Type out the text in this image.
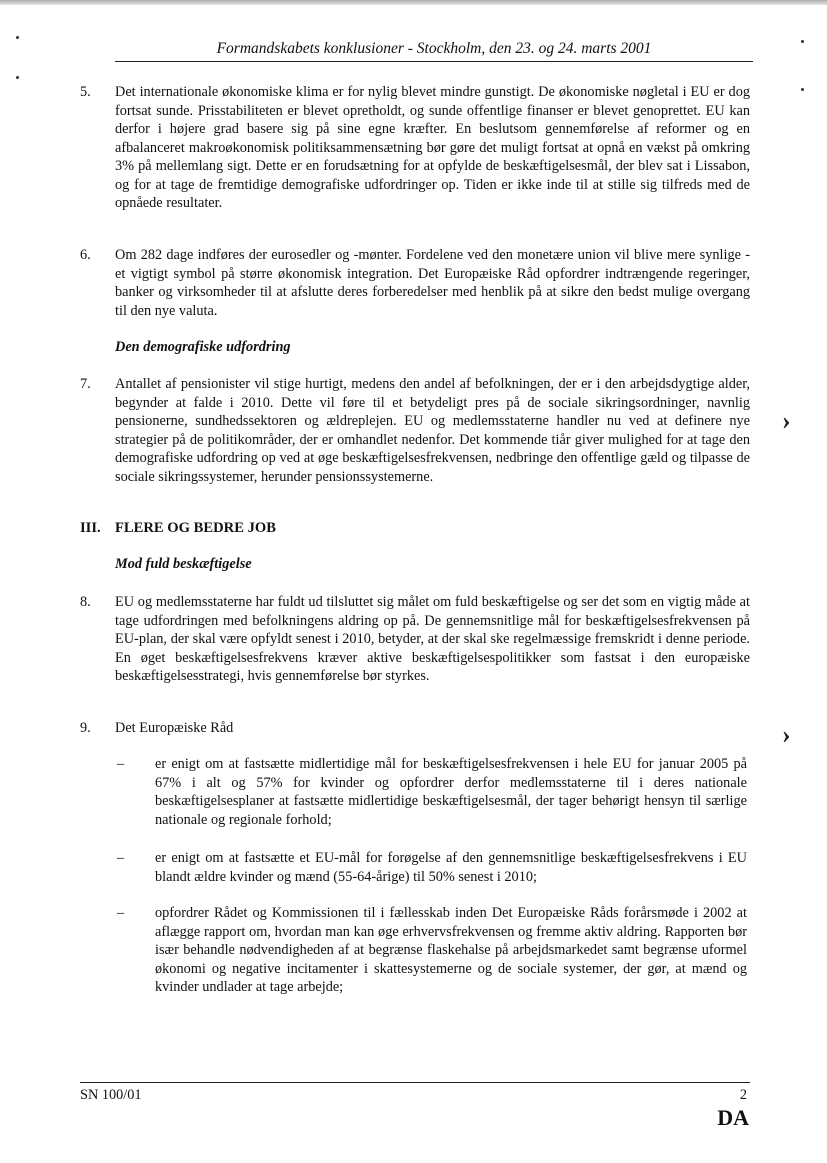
Formandskabets konklusioner - Stockholm, den 23. og 24. marts 2001
5. Det internationale økonomiske klima er for nylig blevet mindre gunstigt. De økonomiske nøgletal i EU er dog fortsat sunde. Prisstabiliteten er blevet opretholdt, og sunde offentlige finanser er blevet genoprettet. EU kan derfor i højere grad basere sig på sine egne kræfter. En beslutsom gennemførelse af reformer og en afbalanceret makroøkonomisk politiksammensætning bør gøre det muligt fortsat at opnå en vækst på omkring 3% på mellemlang sigt. Dette er en forudsætning for at opfylde de beskæftigelsesmål, der blev sat i Lissabon, og for at tage de fremtidige demografiske udfordringer op. Tiden er ikke inde til at stille sig tilfreds med de opnåede resultater.
6. Om 282 dage indføres der eurosedler og -mønter. Fordelene ved den monetære union vil blive mere synlige - et vigtigt symbol på større økonomisk integration. Det Europæiske Råd opfordrer indtrængende regeringer, banker og virksomheder til at afslutte deres forberedelser med henblik på at sikre den bedst mulige overgang til den nye valuta.
Den demografiske udfordring
7. Antallet af pensionister vil stige hurtigt, medens den andel af befolkningen, der er i den arbejdsdygtige alder, begynder at falde i 2010. Dette vil føre til et betydeligt pres på de sociale sikringsordninger, navnlig pensionerne, sundhedssektoren og ældreplejen. EU og medlemsstaterne handler nu ved at definere nye strategier på de politikområder, der er omhandlet nedenfor. Det kommende tiår giver mulighed for at tage den demografiske udfordring op ved at øge beskæftigelsesfrekvensen, nedbringe den offentlige gæld og tilpasse de sociale sikringssystemer, herunder pensionssystemerne.
III. FLERE OG BEDRE JOB
Mod fuld beskæftigelse
8. EU og medlemsstaterne har fuldt ud tilsluttet sig målet om fuld beskæftigelse og ser det som en vigtig måde at tage udfordringen med befolkningens aldring op på. De gennemsnitlige mål for beskæftigelsesfrekvensen på EU-plan, der skal være opfyldt senest i 2010, betyder, at der skal ske regelmæssige fremskridt i denne periode. En øget beskæftigelsesfrekvens kræver aktive beskæftigelsespolitikker som fastsat i den europæiske beskæftigelsesstrategi, hvis gennemførelse bør styrkes.
9. Det Europæiske Råd
– er enigt om at fastsætte midlertidige mål for beskæftigelsesfrekvensen i hele EU for januar 2005 på 67% i alt og 57% for kvinder og opfordrer derfor medlemsstaterne til i deres nationale beskæftigelsesplaner at fastsætte midlertidige beskæftigelsesmål, der tager behørigt hensyn til særlige nationale og regionale forhold;
– er enigt om at fastsætte et EU-mål for forøgelse af den gennemsnitlige beskæftigelsesfrekvens i EU blandt ældre kvinder og mænd (55-64-årige) til 50% senest i 2010;
– opfordrer Rådet og Kommissionen til i fællesskab inden Det Europæiske Råds forårsmøde i 2002 at aflægge rapport om, hvordan man kan øge erhvervsfrekvensen og fremme aktiv aldring. Rapporten bør især behandle nødvendigheden af at begrænse flaskehalse på arbejdsmarkedet samt begrænse uformel økonomi og negative incitamenter i skattesystemerne og de sociale systemer, der gør, at mænd og kvinder undlader at tage arbejde;
SN 100/01	2
DA
›
›
